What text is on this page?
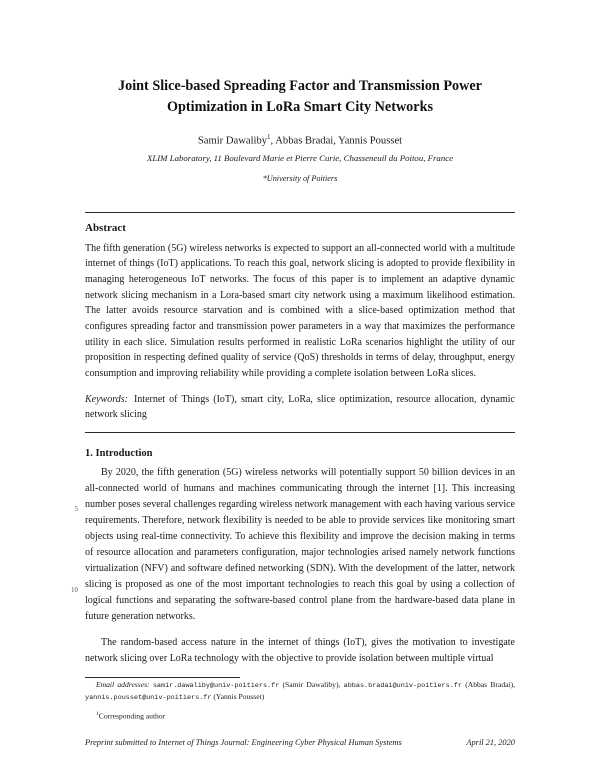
5
10
Joint Slice-based Spreading Factor and Transmission Power
Optimization in LoRa Smart City Networks
Samir Dawaliby$^1$, Abbas Bradai, Yannis Pousset
XLIM Laboratory, 11 Boulevard Marie et Pierre Curie, Chasseneuil du Poitou, France
*University of Poitiers
Abstract

The fifth generation (5G) wireless networks is expected to support an all-connected world with a multitude internet of things (IoT) applications. To reach this goal, network slicing is adopted to provide flexibility in managing heterogeneous IoT networks. The focus of this paper is to implement an adaptive dynamic network slicing mechanism in a Lora-based smart city network using a maximum likelihood estimation. The latter avoids resource starvation and is combined with a slice-based optimization method that configures spreading factor and transmission power parameters in a way that maximizes the performance utility in each slice. Simulation results performed in realistic LoRa scenarios highlight the utility of our proposition in respecting defined quality of service (QoS) thresholds in terms of delay, throughput, energy consumption and improving reliability while providing a complete isolation between LoRa slices.

Keywords: Internet of Things (IoT), smart city, LoRa, slice optimization, resource allocation, dynamic network slicing

1. Introduction

By 2020, the fifth generation (5G) wireless networks will potentially support 50 billion devices in an all-connected world of humans and machines communicating through the internet [1]. This increasing number poses several challenges regarding wireless network management with each having various service requirements. Therefore, network flexibility is needed to be able to provide services like monitoring smart objects using real-time connectivity. To achieve this flexibility and improve the decision making in terms of resource allocation and parameters configuration, major technologies arised namely network functions virtualization (NFV) and software defined networking (SDN). With the development of the latter, network slicing is proposed as one of the most important technologies to reach this goal by using a collection of logical functions and separating the software-based control plane from the hardware-based data plane in future generation networks.

The random-based access nature in the internet of things (IoT), gives the motivation to investigate network slicing over LoRa technology with the objective to provide isolation between multiple virtual

Email addresses: samir.dawaliby@univ-poitiers.fr (Samir Dawaliby), abbas.bradai@univ-poitiers.fr (Abbas Bradai), yannis.pousset@univ-poitiers.fr (Yannis Pousset)

$^1$Corresponding author
Preprint submitted to Internet of Things Journal: Engineering Cyber Physical Human Systems	April 21, 2020
